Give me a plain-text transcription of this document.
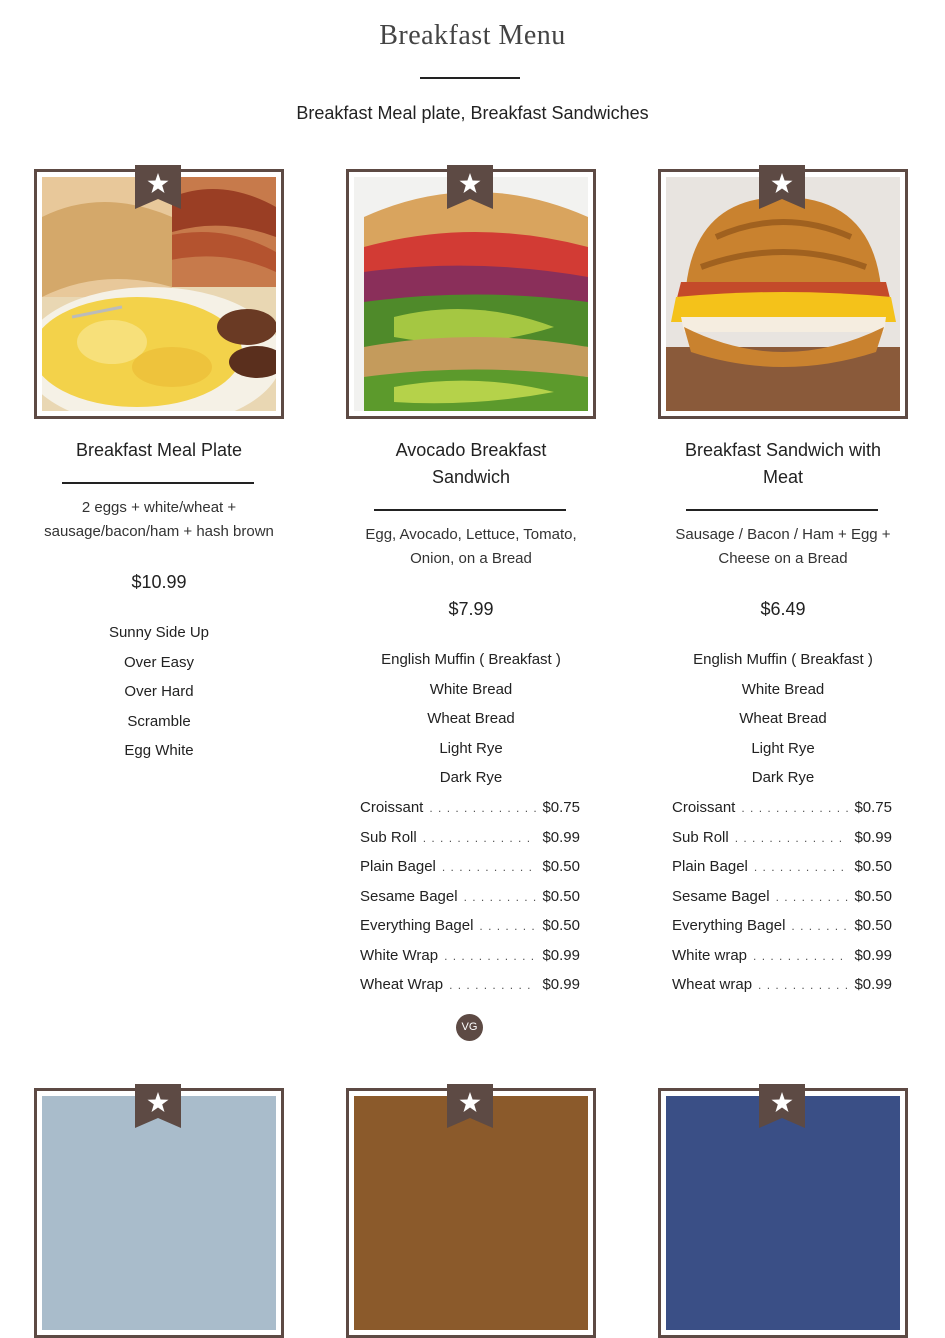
Breakfast Menu
Breakfast Meal plate, Breakfast Sandwiches
Breakfast Meal Plate
2 eggs + white/wheat + sausage/bacon/ham + hash brown
$10.99
Sunny Side Up
Over Easy
Over Hard
Scramble
Egg White
Avocado Breakfast Sandwich
Egg, Avocado, Lettuce, Tomato, Onion, on a Bread
$7.99
English Muffin ( Breakfast )
White Bread
Wheat Bread
Light Rye
Dark Rye
Croissant . . .	$0.75
Sub Roll . . .	$0.99
Plain Bagel . . .	$0.50
Sesame Bagel . . .	$0.50
Everything Bagel . . .	$0.50
White Wrap . . .	$0.99
Wheat Wrap . . .	$0.99
Breakfast Sandwich with Meat
Sausage / Bacon / Ham + Egg + Cheese on a Bread
$6.49
English Muffin ( Breakfast )
White Bread
Wheat Bread
Light Rye
Dark Rye
Croissant . . .	$0.75
Sub Roll . . .	$0.99
Plain Bagel . . .	$0.50
Sesame Bagel . . .	$0.50
Everything Bagel . . .	$0.50
White wrap . . .	$0.99
Wheat wrap . . .	$0.99
VG
